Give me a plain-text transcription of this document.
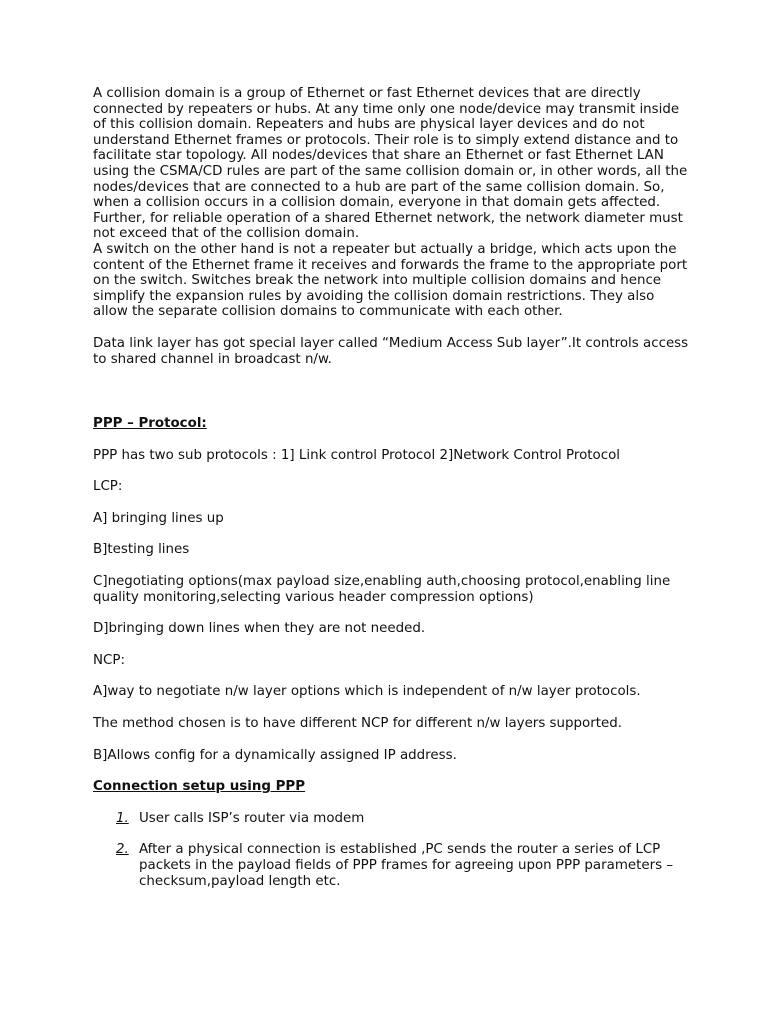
A collision domain is a group of Ethernet or fast Ethernet devices that are directly connected by repeaters or hubs. At any time only one node/device may transmit inside of this collision domain. Repeaters and hubs are physical layer devices and do not understand Ethernet frames or protocols. Their role is to simply extend distance and to facilitate star topology. All nodes/devices that share an Ethernet or fast Ethernet LAN using the CSMA/CD rules are part of the same collision domain or, in other words, all the nodes/devices that are connected to a hub are part of the same collision domain. So, when a collision occurs in a collision domain, everyone in that domain gets affected. Further, for reliable operation of a shared Ethernet network, the network diameter must not exceed that of the collision domain.

A switch on the other hand is not a repeater but actually a bridge, which acts upon the content of the Ethernet frame it receives and forwards the frame to the appropriate port on the switch. Switches break the network into multiple collision domains and hence simplify the expansion rules by avoiding the collision domain restrictions. They also allow the separate collision domains to communicate with each other.

Data link layer has got special layer called “Medium Access Sub layer”.It controls access to shared channel in broadcast n/w.

PPP – Protocol:

PPP has two sub protocols : 1] Link control Protocol 2]Network Control Protocol

LCP:

A] bringing lines up

B]testing lines

C]negotiating options(max payload size,enabling auth,choosing protocol,enabling line quality monitoring,selecting various header compression options)

D]bringing down lines when they are not needed.

NCP:

A]way to negotiate n/w layer options which is independent of n/w layer protocols.

The method chosen is to have different NCP for different n/w layers supported.

B]Allows config for a dynamically assigned IP address.

Connection setup using PPP

1. User calls ISP’s router via modem
2. After a physical connection is established ,PC sends the router a series of LCP packets in the payload fields of PPP frames for agreeing upon PPP parameters – checksum,payload length etc.
